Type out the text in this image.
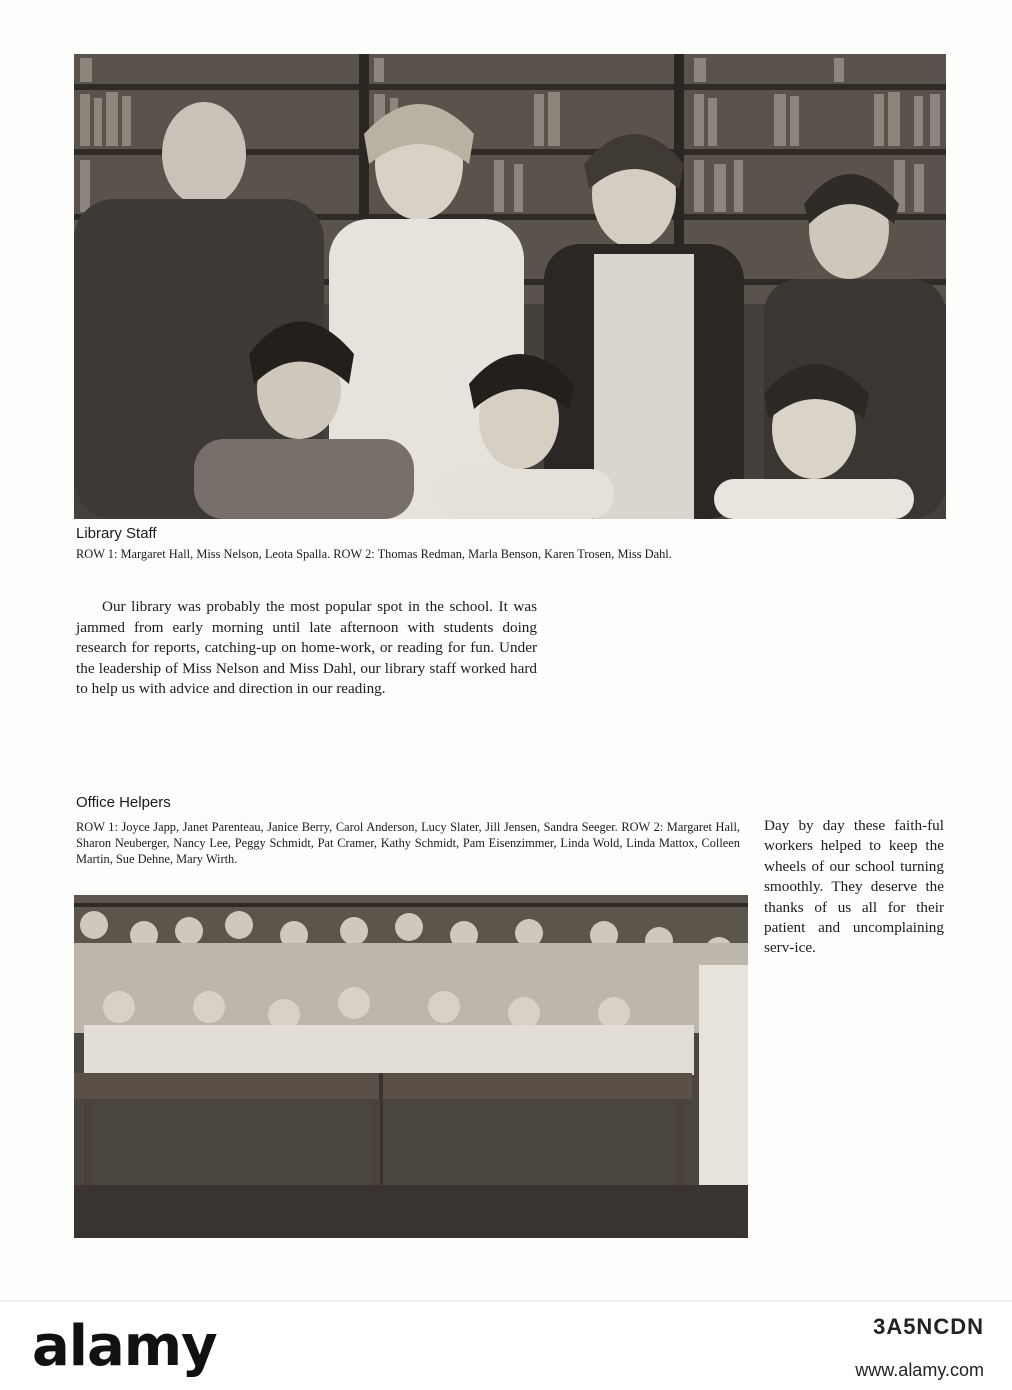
Library Staff

ROW 1: Margaret Hall, Miss Nelson, Leota Spalla. ROW 2: Thomas Redman, Marla Benson, Karen Trosen, Miss Dahl.

Our library was probably the most popular spot in the school. It was jammed from early morning until late afternoon with students doing research for reports, catching-up on home-work, or reading for fun. Under the leadership of Miss Nelson and Miss Dahl, our library staff worked hard to help us with advice and direction in our reading.

Office Helpers

ROW 1: Joyce Japp, Janet Parenteau, Janice Berry, Carol Anderson, Lucy Slater, Jill Jensen, Sandra Seeger. ROW 2: Margaret Hall, Sharon Neuberger, Nancy Lee, Peggy Schmidt, Pat Cramer, Kathy Schmidt, Pam Eisenzimmer, Linda Wold, Linda Mattox, Colleen Martin, Sue Dehne, Mary Wirth.

Day by day these faith-ful workers helped to keep the wheels of our school turning smoothly. They deserve the thanks of us all for their patient and uncomplaining serv-ice.

alamy	3A5NCDN
www.alamy.com
